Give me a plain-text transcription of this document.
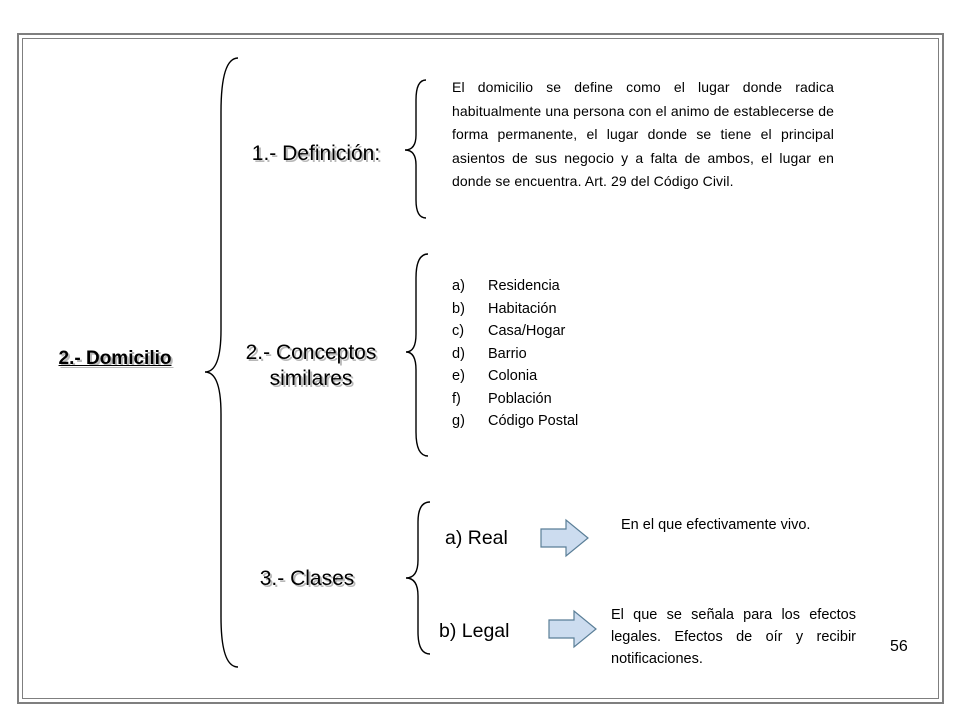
2.- Domicilio
1.- Definición:
El domicilio se define como el lugar donde radica habitualmente una persona con el animo de establecerse de forma permanente, el lugar donde se tiene el principal asientos de sus negocio y a falta de ambos, el lugar en donde se encuentra. Art. 29 del Código Civil.
2.- Conceptos
similares
a)	Residencia
b)	Habitación
c)	Casa/Hogar
d)	Barrio
e)	Colonia
f)	Población
g)	Código Postal
3.- Clases
a) Real
En el que efectivamente vivo.
b) Legal
El que se señala para los efectos legales. Efectos de oír y recibir notificaciones.
56
